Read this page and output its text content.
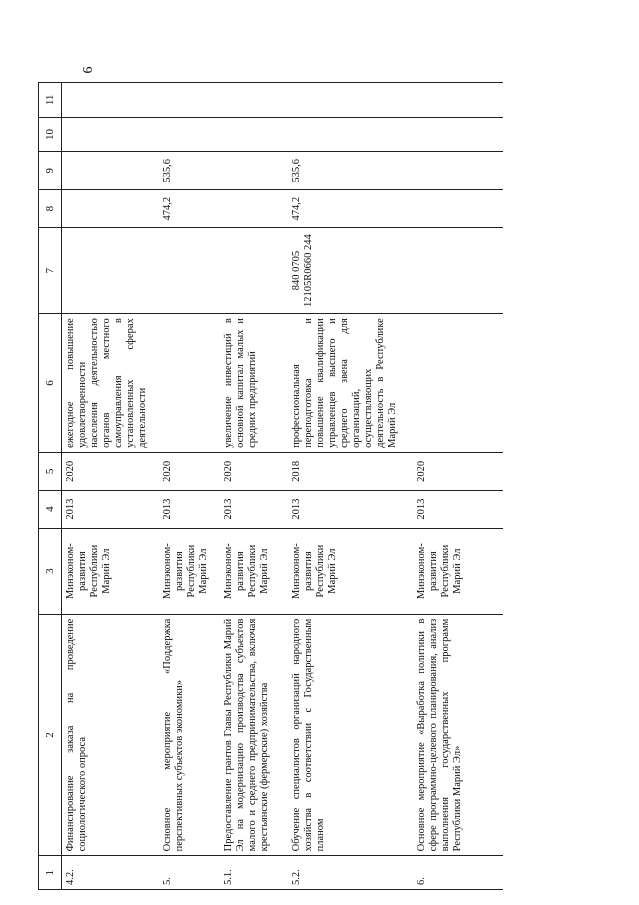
6
1	2	3	4	5	6	7	8	9	10	11
4.2.	Финансирование заказа на проведение социологического опроса	Минэконом-развития Республики Марий Эл	2013	2020	ежегодное повышение удовлетворенности населения деятельностью органов местного самоуправления в установленных сферах деятельности					
5.	Основное мероприятие «Поддержка перспективных субъектов экономики»	Минэконом-развития Республики Марий Эл	2013	2020			474,2	535,6		
5.1.	Предоставление грантов Главы Республики Марий Эл на модернизацию производства субъектов малого и среднего предпринимательства, включая крестьянские (фермерские) хозяйства	Минэконом-развития Республики Марий Эл	2013	2020	увеличение инвестиций в основной капитал малых и средних предприятий					
5.2.	Обучение специалистов организаций народного хозяйства в соответствии с Государственным планом	Минэконом-развития Республики Марий Эл	2013	2018	профессиональная переподготовка и повышение квалификации управленцев высшего и среднего звена для организаций, осуществляющих деятельность в Республике Марий Эл	840 0705 12105R0660 244	474,2	535,6		
6.	Основное мероприятие «Выработка политики в сфере программно-целевого планирования, анализ выполнения государственных программ Республики Марий Эл»	Минэконом-развития Республики Марий Эл	2013	2020						
